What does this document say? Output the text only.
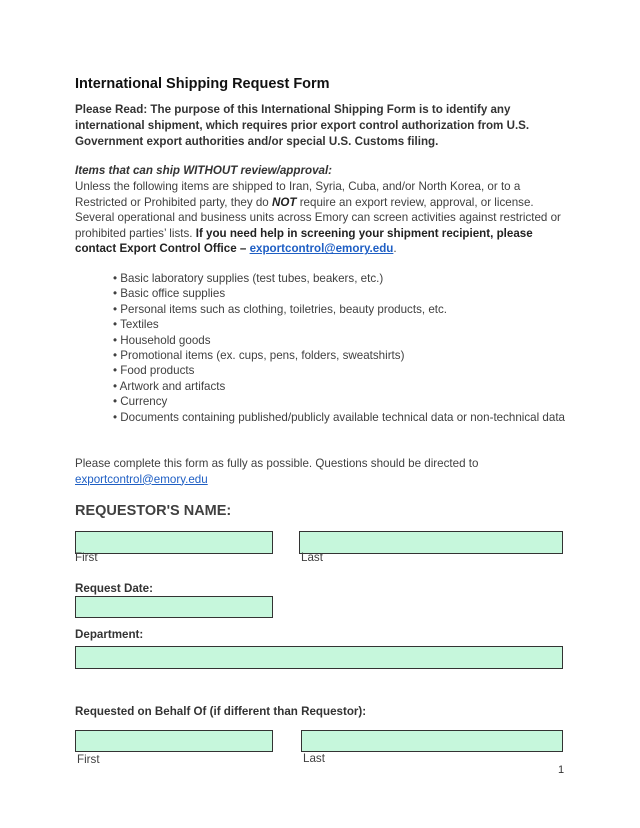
International Shipping Request Form
Please Read: The purpose of this International Shipping Form is to identify any international shipment, which requires prior export control authorization from U.S. Government export authorities and/or special U.S. Customs filing.
Items that can ship WITHOUT review/approval:
Unless the following items are shipped to Iran, Syria, Cuba, and/or North Korea, or to a Restricted or Prohibited party, they do NOT require an export review, approval, or license. Several operational and business units across Emory can screen activities against restricted or prohibited parties’ lists. If you need help in screening your shipment recipient, please contact Export Control Office – exportcontrol@emory.edu.
• Basic laboratory supplies (test tubes, beakers, etc.)
• Basic office supplies
• Personal items such as clothing, toiletries, beauty products, etc.
• Textiles
• Household goods
• Promotional items (ex. cups, pens, folders, sweatshirts)
• Food products
• Artwork and artifacts
• Currency
• Documents containing published/publicly available technical data or non-technical data
Please complete this form as fully as possible. Questions should be directed to
exportcontrol@emory.edu
REQUESTOR'S NAME:
First	Last
Request Date:
Department:
Requested on Behalf Of (if different than Requestor):
First	Last
1
